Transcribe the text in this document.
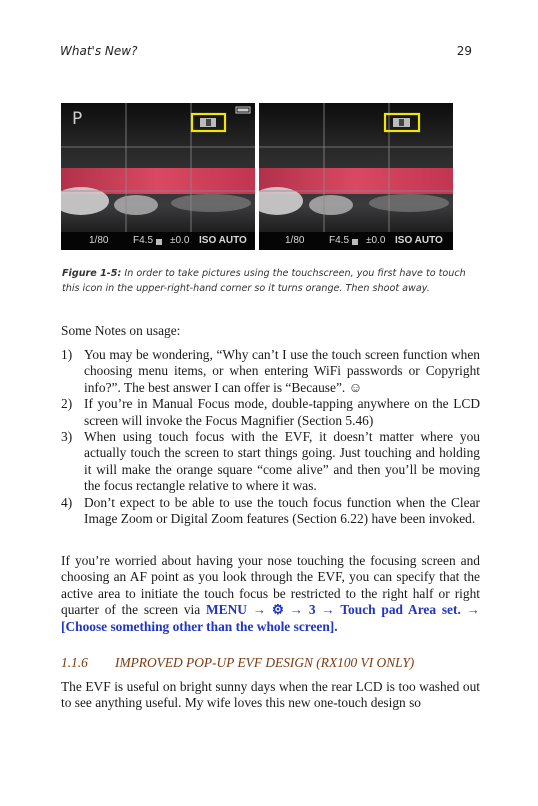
What's New?	29
P
1/80 F4.5 ±0.0 ISO AUTO	1/80 F4.5 ±0.0 ISO AUTO
Figure 1-5: In order to take pictures using the touchscreen, you first have to touch this icon in the upper-right-hand corner so it turns orange. Then shoot away.
Some Notes on usage:
1) You may be wondering, “Why can’t I use the touch screen function when choosing menu items, or when entering WiFi passwords or Copyright info?”. The best answer I can offer is “Because”. ☺
2) If you’re in Manual Focus mode, double-tapping anywhere on the LCD screen will invoke the Focus Magnifier (Section 5.46)
3) When using touch focus with the EVF, it doesn’t matter where you actually touch the screen to start things going. Just touching and holding it will make the orange square “come alive” and then you’ll be moving the focus rectangle relative to where it was.
4) Don’t expect to be able to use the touch focus function when the Clear Image Zoom or Digital Zoom features (Section 6.22) have been invoked.
If you’re worried about having your nose touching the focusing screen and choosing an AF point as you look through the EVF, you can specify that the active area to initiate the touch focus be restricted to the right half or right quarter of the screen via MENU → ⚙ → 3 → Touch pad Area set. → [Choose something other than the whole screen].
1.1.6 IMPROVED POP-UP EVF DESIGN (RX100 VI ONLY)
The EVF is useful on bright sunny days when the rear LCD is too washed out to see anything useful. My wife loves this new one-touch design so
